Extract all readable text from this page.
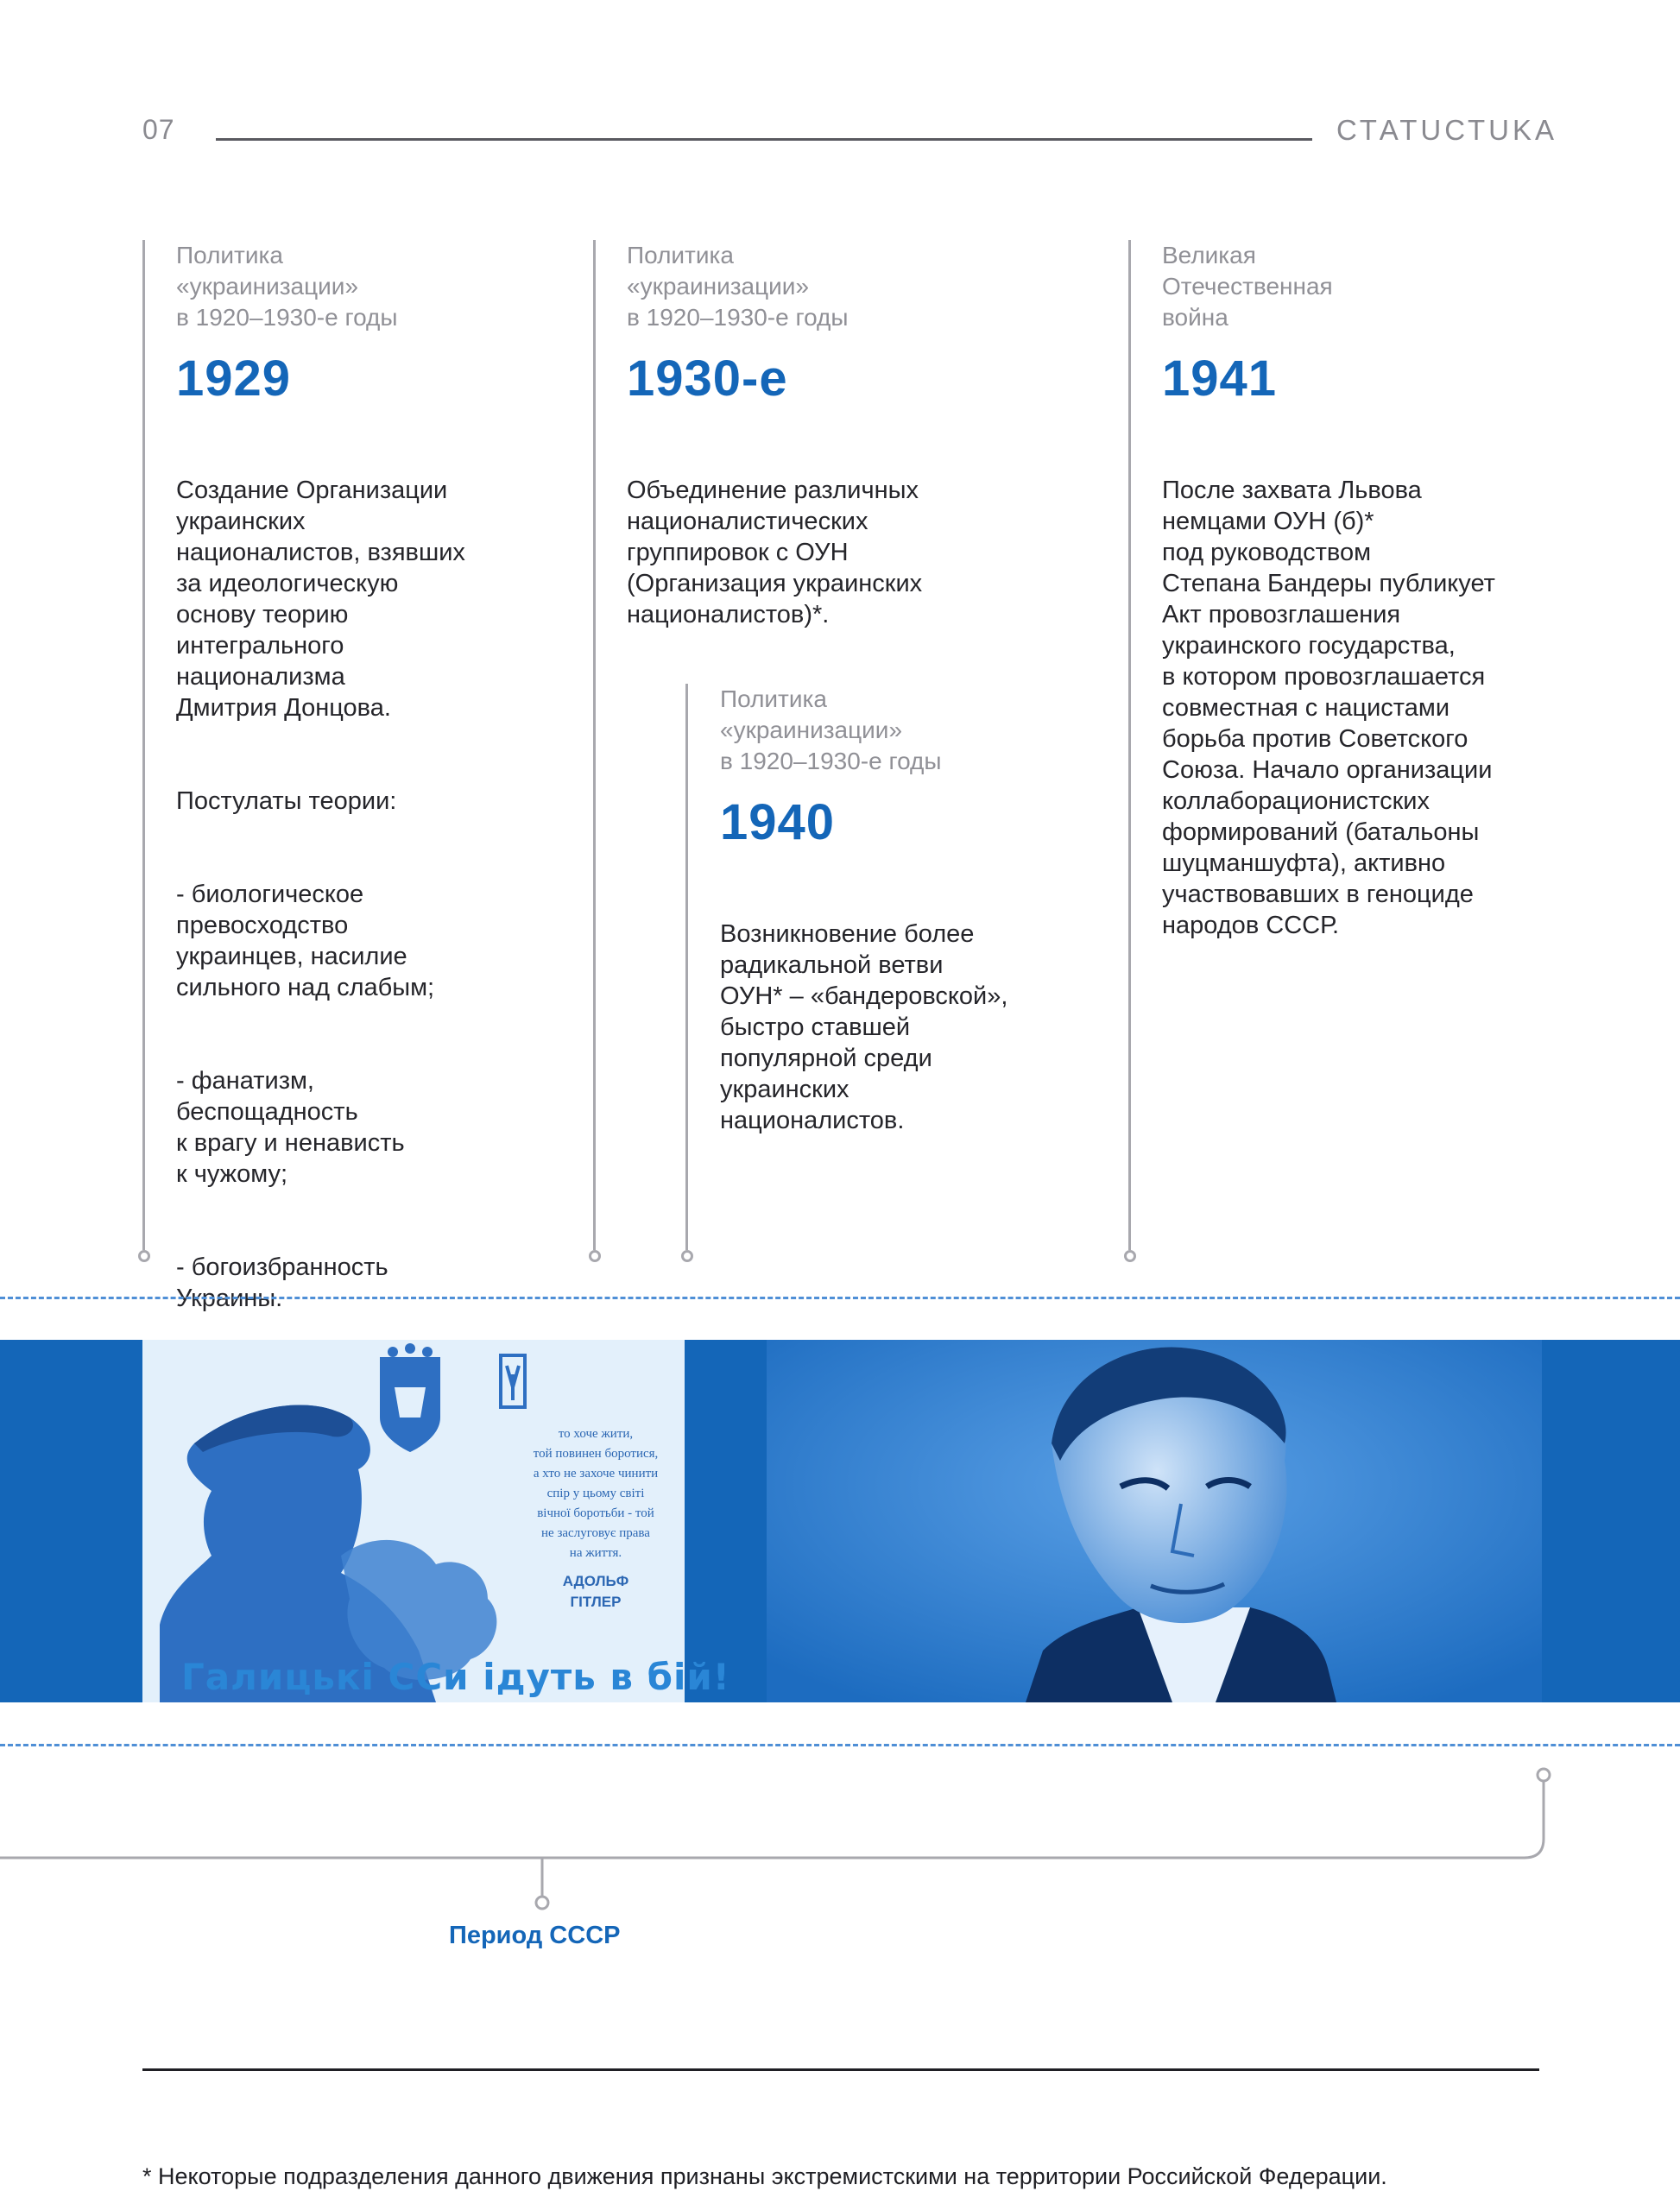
07	СТАТUСТUKA
Политика
«украинизации»
в 1920–1930-е годы
1929

Создание Организации
украинских
националистов, взявших
за идеологическую
основу теорию
интегрального
национализма
Дмитрия Донцова.

Постулаты теории:

- биологическое
превосходство
украинцев, насилие
сильного над слабым;

- фанатизм,
беспощадность
к врагу и ненависть
к чужому;

- богоизбранность
Украины.

Политика
«украинизации»
в 1920–1930-е годы
1930-е

Объединение различных
националистических
группировок с ОУН
(Организация украинских
националистов)*.

Политика
«украинизации»
в 1920–1930-е годы
1940

Возникновение более
радикальной ветви
ОУН* – «бандеровской»,
быстро ставшей
популярной среди
украинских
националистов.

Великая
Отечественная
война
1941

После захвата Львова
немцами ОУН (б)*
под руководством
Степана Бандеры публикует
Акт провозглашения
украинского государства,
в котором провозглашается
совместная с нацистами
борьба против Советского
Союза. Начало организации
коллаборационистских
формирований (батальоны
шуцманшуфта), активно
участвовавших в геноциде
народов СССР.

то хоче жити,
той повинен боротися,
а хто не захоче чинити
спір у цьому світі
вічної боротьби - той
не заслуговує права
на життя.
АДОЛЬФ
ГІТЛЕР
Галицькі ССи ідуть в бій!
Период СССР
* Некоторые подразделения данного движения признаны экстремистскими на территории Российской Федерации.
